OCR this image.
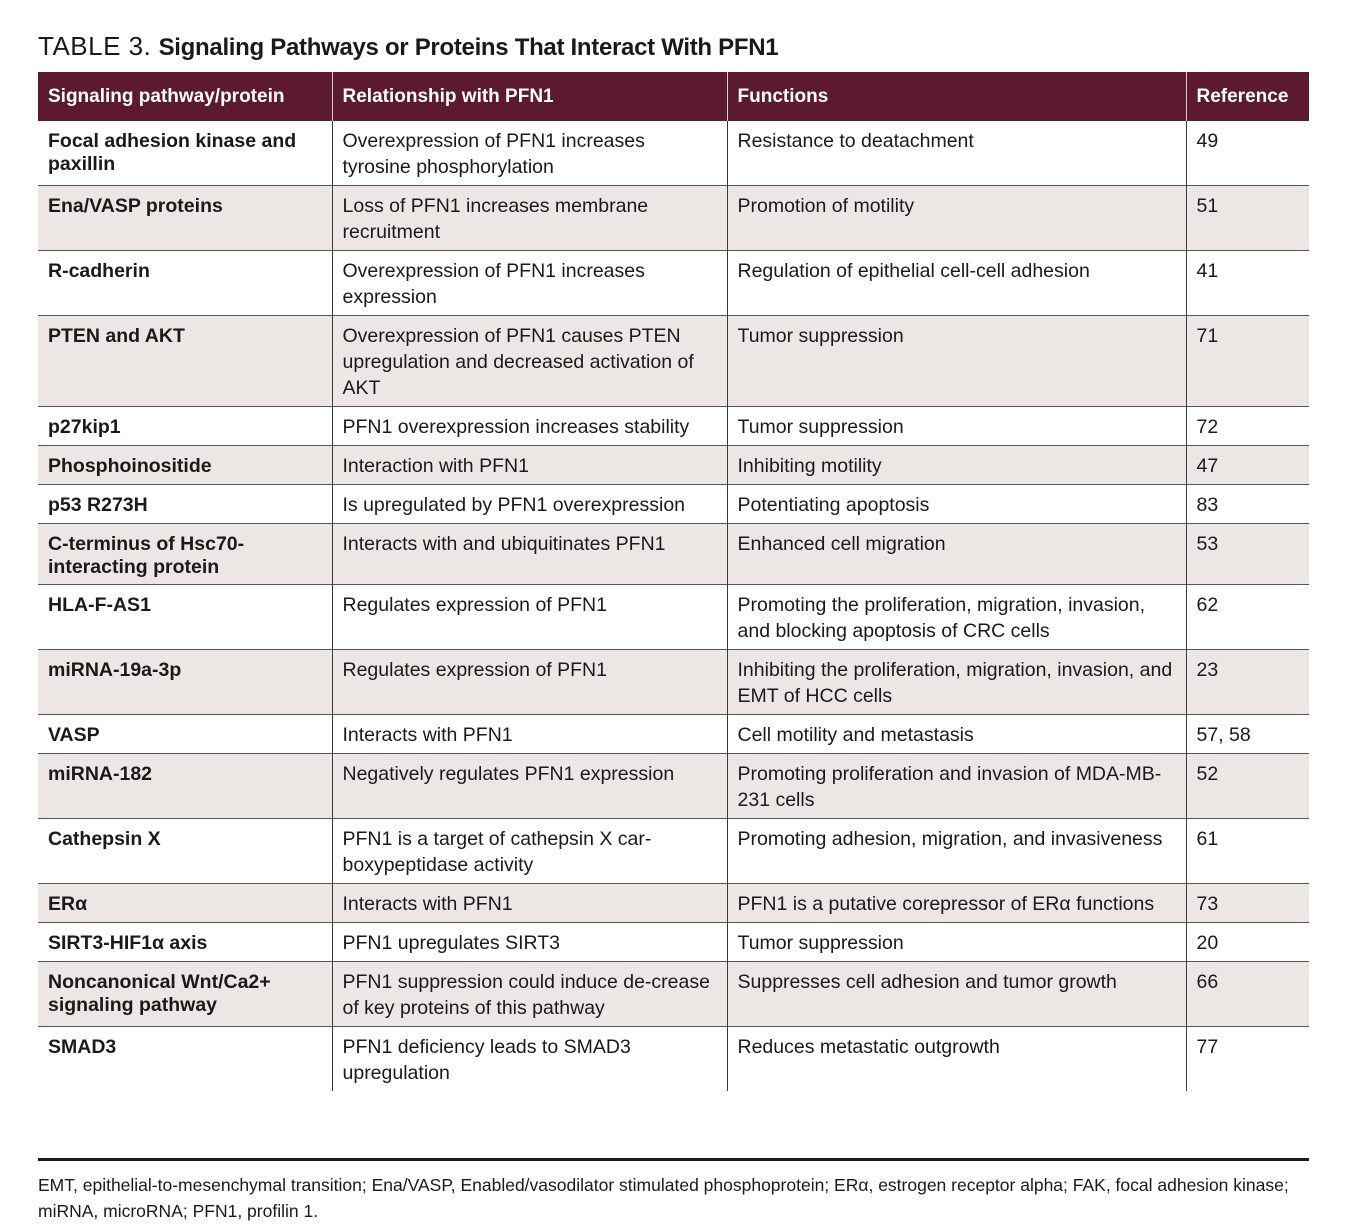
TABLE 3. Signaling Pathways or Proteins That Interact With PFN1
Signaling pathway/protein	Relationship with PFN1	Functions	Reference
Focal adhesion kinase and paxillin	Overexpression of PFN1 increases tyrosine phosphorylation	Resistance to deatachment	49
Ena/VASP proteins	Loss of PFN1 increases membrane recruitment	Promotion of motility	51
R-cadherin	Overexpression of PFN1 increases expression	Regulation of epithelial cell-cell adhesion	41
PTEN and AKT	Overexpression of PFN1 causes PTEN upregulation and decreased activation of AKT	Tumor suppression	71
p27kip1	PFN1 overexpression increases stability	Tumor suppression	72
Phosphoinositide	Interaction with PFN1	Inhibiting motility	47
p53 R273H	Is upregulated by PFN1 overexpression	Potentiating apoptosis	83
C-terminus of Hsc70-interacting protein	Interacts with and ubiquitinates PFN1	Enhanced cell migration	53
HLA-F-AS1	Regulates expression of PFN1	Promoting the proliferation, migration, invasion, and blocking apoptosis of CRC cells	62
miRNA-19a-3p	Regulates expression of PFN1	Inhibiting the proliferation, migration, invasion, and EMT of HCC cells	23
VASP	Interacts with PFN1	Cell motility and metastasis	57, 58
miRNA-182	Negatively regulates PFN1 expression	Promoting proliferation and invasion of MDA-MB-231 cells	52
Cathepsin X	PFN1 is a target of cathepsin X car-boxypeptidase activity	Promoting adhesion, migration, and invasiveness	61
ERα	Interacts with PFN1	PFN1 is a putative corepressor of ERα functions	73
SIRT3-HIF1α axis	PFN1 upregulates SIRT3	Tumor suppression	20
Noncanonical Wnt/Ca2+ signaling pathway	PFN1 suppression could induce de-crease of key proteins of this pathway	Suppresses cell adhesion and tumor growth	66
SMAD3	PFN1 deficiency leads to SMAD3 upregulation	Reduces metastatic outgrowth	77
EMT, epithelial-to-mesenchymal transition; Ena/VASP, Enabled/vasodilator stimulated phosphoprotein; ERα, estrogen receptor alpha; FAK, focal adhesion kinase; miRNA, microRNA; PFN1, profilin 1.
